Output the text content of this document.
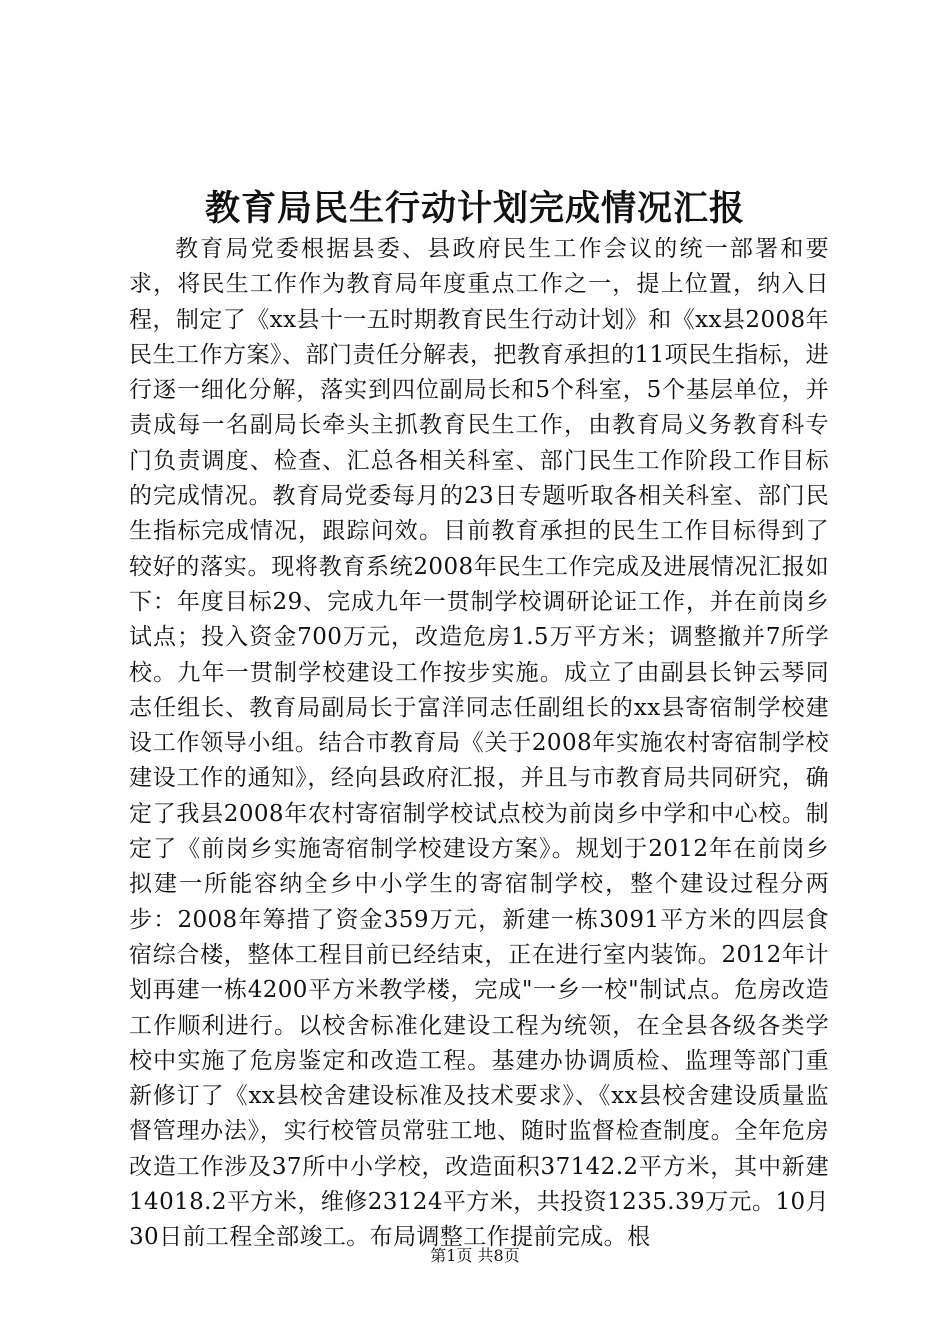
教育局民生行动计划完成情况汇报

教育局党委根据县委、县政府民生工作会议的统一部署和要求，将民生工作作为教育局年度重点工作之一，提上位置，纳入日程，制定了《xx县十一五时期教育民生行动计划》和《xx县2008年民生工作方案》、部门责任分解表，把教育承担的11项民生指标，进行逐一细化分解，落实到四位副局长和5个科室，5个基层单位，并责成每一名副局长牵头主抓教育民生工作，由教育局义务教育科专门负责调度、检查、汇总各相关科室、部门民生工作阶段工作目标的完成情况。教育局党委每月的23日专题听取各相关科室、部门民生指标完成情况，跟踪问效。目前教育承担的民生工作目标得到了较好的落实。现将教育系统2008年民生工作完成及进展情况汇报如下：年度目标29、完成九年一贯制学校调研论证工作，并在前岗乡试点；投入资金700万元，改造危房1.5万平方米；调整撤并7所学校。九年一贯制学校建设工作按步实施。成立了由副县长钟云琴同志任组长、教育局副局长于富洋同志任副组长的xx县寄宿制学校建设工作领导小组。结合市教育局《关于2008年实施农村寄宿制学校建设工作的通知》，经向县政府汇报，并且与市教育局共同研究，确定了我县2008年农村寄宿制学校试点校为前岗乡中学和中心校。制定了《前岗乡实施寄宿制学校建设方案》。规划于2012年在前岗乡拟建一所能容纳全乡中小学生的寄宿制学校，整个建设过程分两步：2008年筹措了资金359万元，新建一栋3091平方米的四层食宿综合楼，整体工程目前已经结束，正在进行室内装饰。2012年计划再建一栋4200平方米教学楼，完成"一乡一校"制试点。危房改造工作顺利进行。以校舍标准化建设工程为统领，在全县各级各类学校中实施了危房鉴定和改造工程。基建办协调质检、监理等部门重新修订了《xx县校舍建设标准及技术要求》、《xx县校舍建设质量监督管理办法》，实行校管员常驻工地、随时监督检查制度。全年危房改造工作涉及37所中小学校，改造面积37142.2平方米，其中新建14018.2平方米，维修23124平方米，共投资1235.39万元。10月30日前工程全部竣工。布局调整工作提前完成。根

第1页 共8页
